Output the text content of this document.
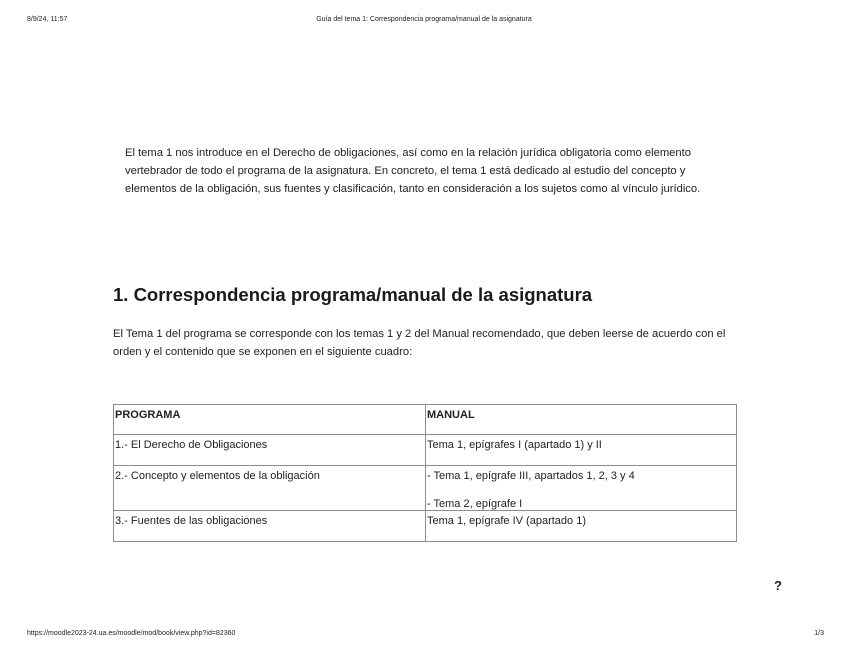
8/9/24, 11:57	Guía del tema 1: Correspondencia programa/manual de la asignatura

El tema 1 nos introduce en el Derecho de obligaciones, así como en la relación jurídica obligatoria como elemento vertebrador de todo el programa de la asignatura. En concreto, el tema 1 está dedicado al estudio del concepto y elementos de la obligación, sus fuentes y clasificación, tanto en consideración a los sujetos como al vínculo jurídico.

1. Correspondencia programa/manual de la asignatura

El Tema 1 del programa se corresponde con los temas 1 y 2 del Manual recomendado, que deben leerse de acuerdo con el orden y el contenido que se exponen en el siguiente cuadro:

PROGRAMA	MANUAL
1.- El Derecho de Obligaciones	Tema 1, epígrafes I (apartado 1) y II

2.- Concepto y elementos de la obligación	- Tema 1, epígrafe III, apartados 1, 2, 3 y 4
- Tema 2, epígrafe I

3.- Fuentes de las obligaciones	Tema 1, epígrafe IV (apartado 1)
?
https://moodle2023-24.ua.es/moodle/mod/book/view.php?id=82360	1/3
